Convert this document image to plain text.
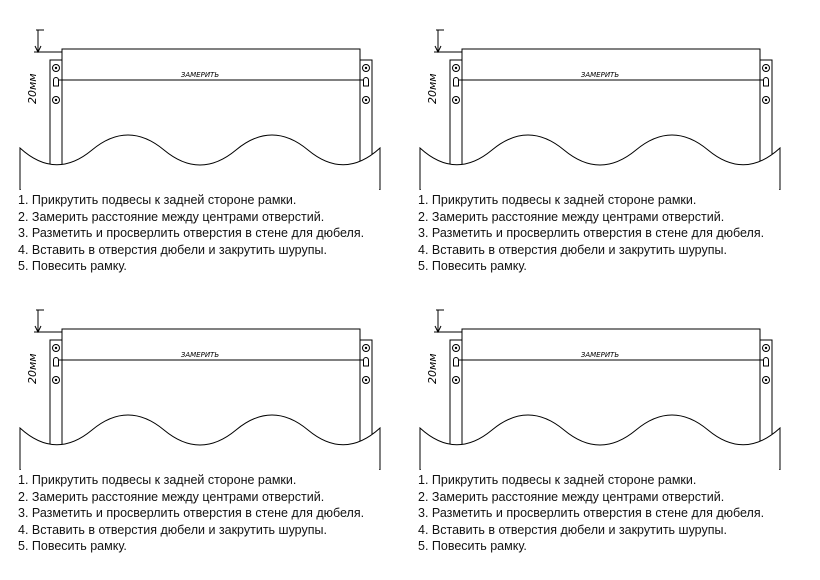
ЗАМЕРИТЬ
20мм
1. Прикрутить подвесы к задней стороне рамки.
2. Замерить расстояние между центрами отверстий.
3. Разметить и просверлить отверстия в стене для дюбеля.
4. Вставить в отверстия дюбели и закрутить шурупы.
5. Повесить рамку.
ЗАМЕРИТЬ
20мм
1. Прикрутить подвесы к задней стороне рамки.
2. Замерить расстояние между центрами отверстий.
3. Разметить и просверлить отверстия в стене для дюбеля.
4. Вставить в отверстия дюбели и закрутить шурупы.
5. Повесить рамку.
ЗАМЕРИТЬ
20мм
1. Прикрутить подвесы к задней стороне рамки.
2. Замерить расстояние между центрами отверстий.
3. Разметить и просверлить отверстия в стене для дюбеля.
4. Вставить в отверстия дюбели и закрутить шурупы.
5. Повесить рамку.
ЗАМЕРИТЬ
20мм
1. Прикрутить подвесы к задней стороне рамки.
2. Замерить расстояние между центрами отверстий.
3. Разметить и просверлить отверстия в стене для дюбеля.
4. Вставить в отверстия дюбели и закрутить шурупы.
5. Повесить рамку.
